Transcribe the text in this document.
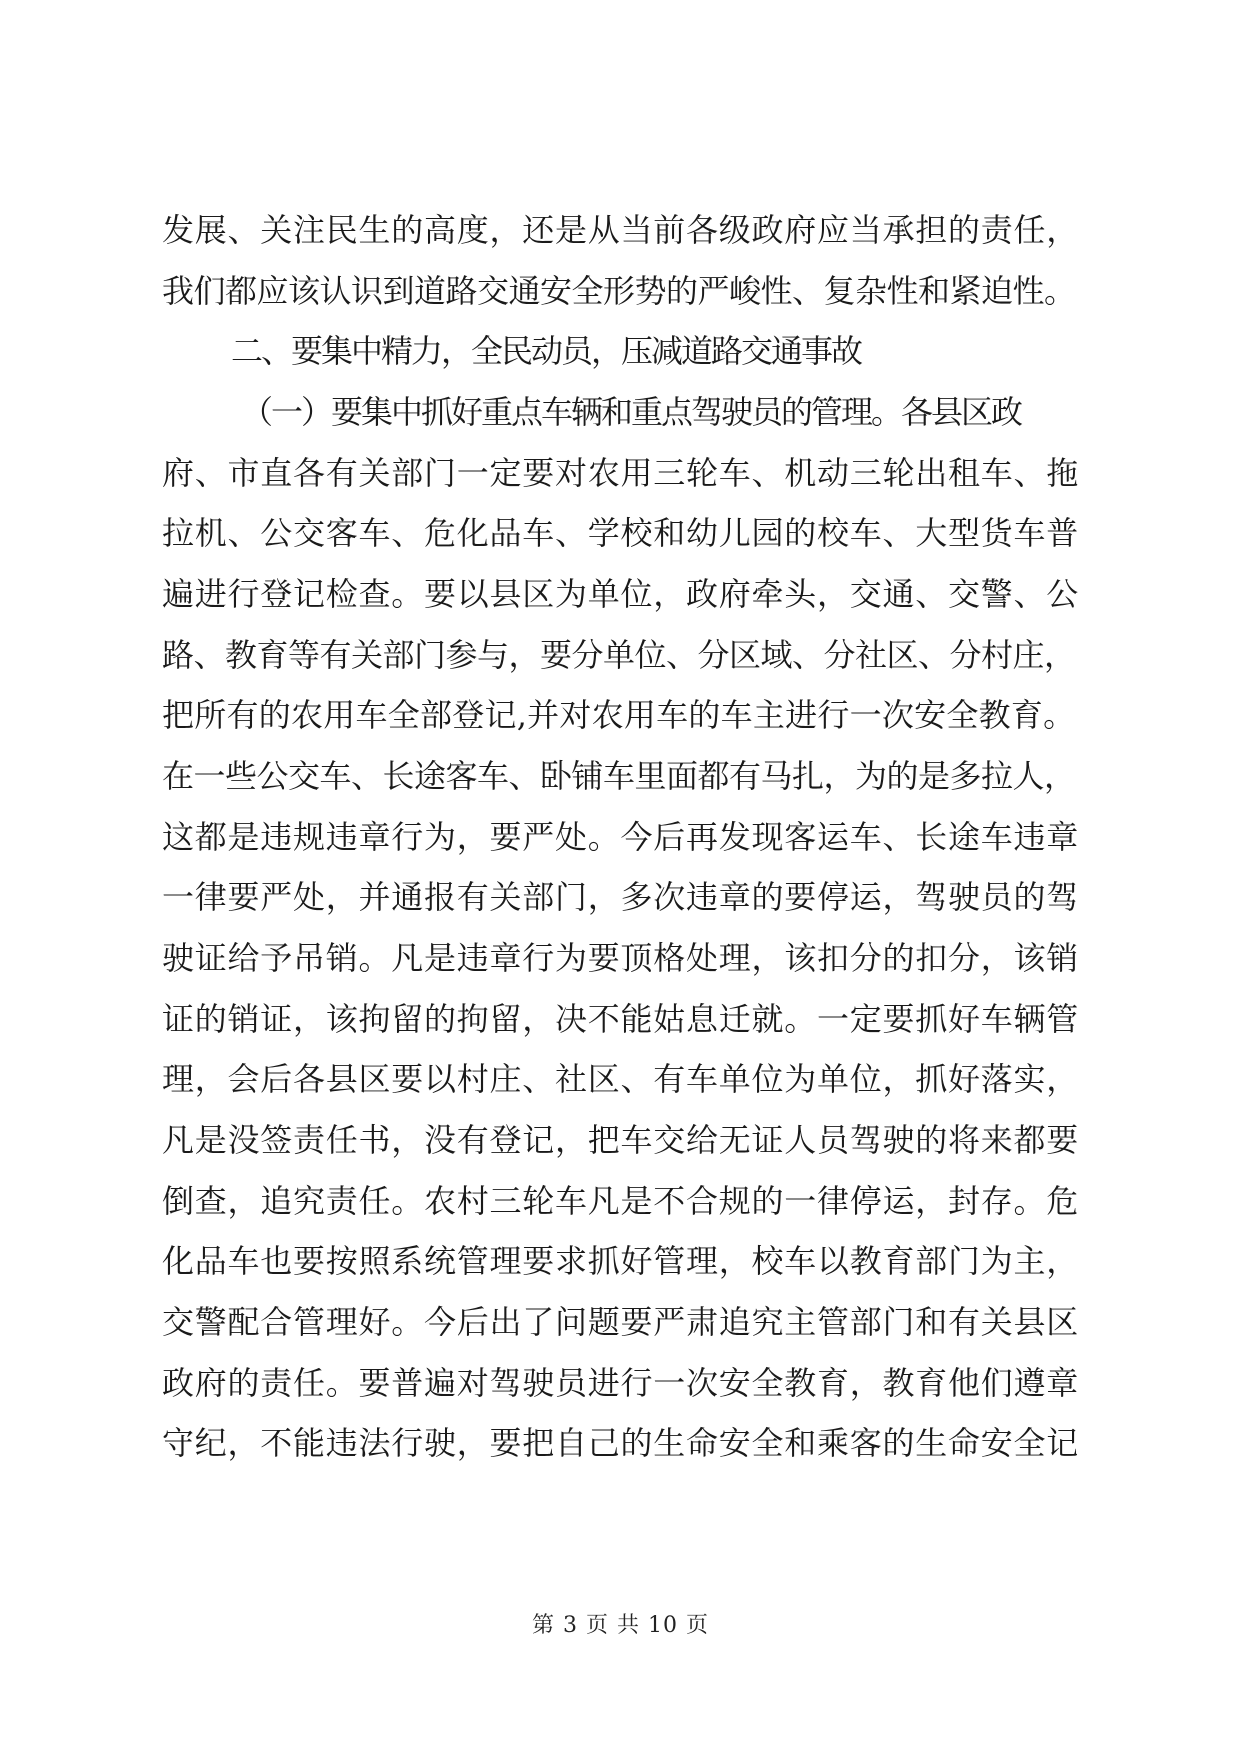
发展、关注民生的高度，还是从当前各级政府应当承担的责任，
我们都应该认识到道路交通安全形势的严峻性、复杂性和紧迫性。
二、要集中精力，全民动员，压减道路交通事故
（一）要集中抓好重点车辆和重点驾驶员的管理。各县区政
府、市直各有关部门一定要对农用三轮车、机动三轮出租车、拖
拉机、公交客车、危化品车、学校和幼儿园的校车、大型货车普
遍进行登记检查。要以县区为单位，政府牵头，交通、交警、公
路、教育等有关部门参与，要分单位、分区域、分社区、分村庄，
把所有的农用车全部登记,并对农用车的车主进行一次安全教育。
在一些公交车、长途客车、卧铺车里面都有马扎，为的是多拉人，
这都是违规违章行为，要严处。今后再发现客运车、长途车违章
一律要严处，并通报有关部门，多次违章的要停运，驾驶员的驾
驶证给予吊销。凡是违章行为要顶格处理，该扣分的扣分，该销
证的销证，该拘留的拘留，决不能姑息迁就。一定要抓好车辆管
理，会后各县区要以村庄、社区、有车单位为单位，抓好落实，
凡是没签责任书，没有登记，把车交给无证人员驾驶的将来都要
倒查，追究责任。农村三轮车凡是不合规的一律停运，封存。危
化品车也要按照系统管理要求抓好管理，校车以教育部门为主，
交警配合管理好。今后出了问题要严肃追究主管部门和有关县区
政府的责任。要普遍对驾驶员进行一次安全教育，教育他们遵章
守纪，不能违法行驶，要把自己的生命安全和乘客的生命安全记
第 3 页 共 10 页
